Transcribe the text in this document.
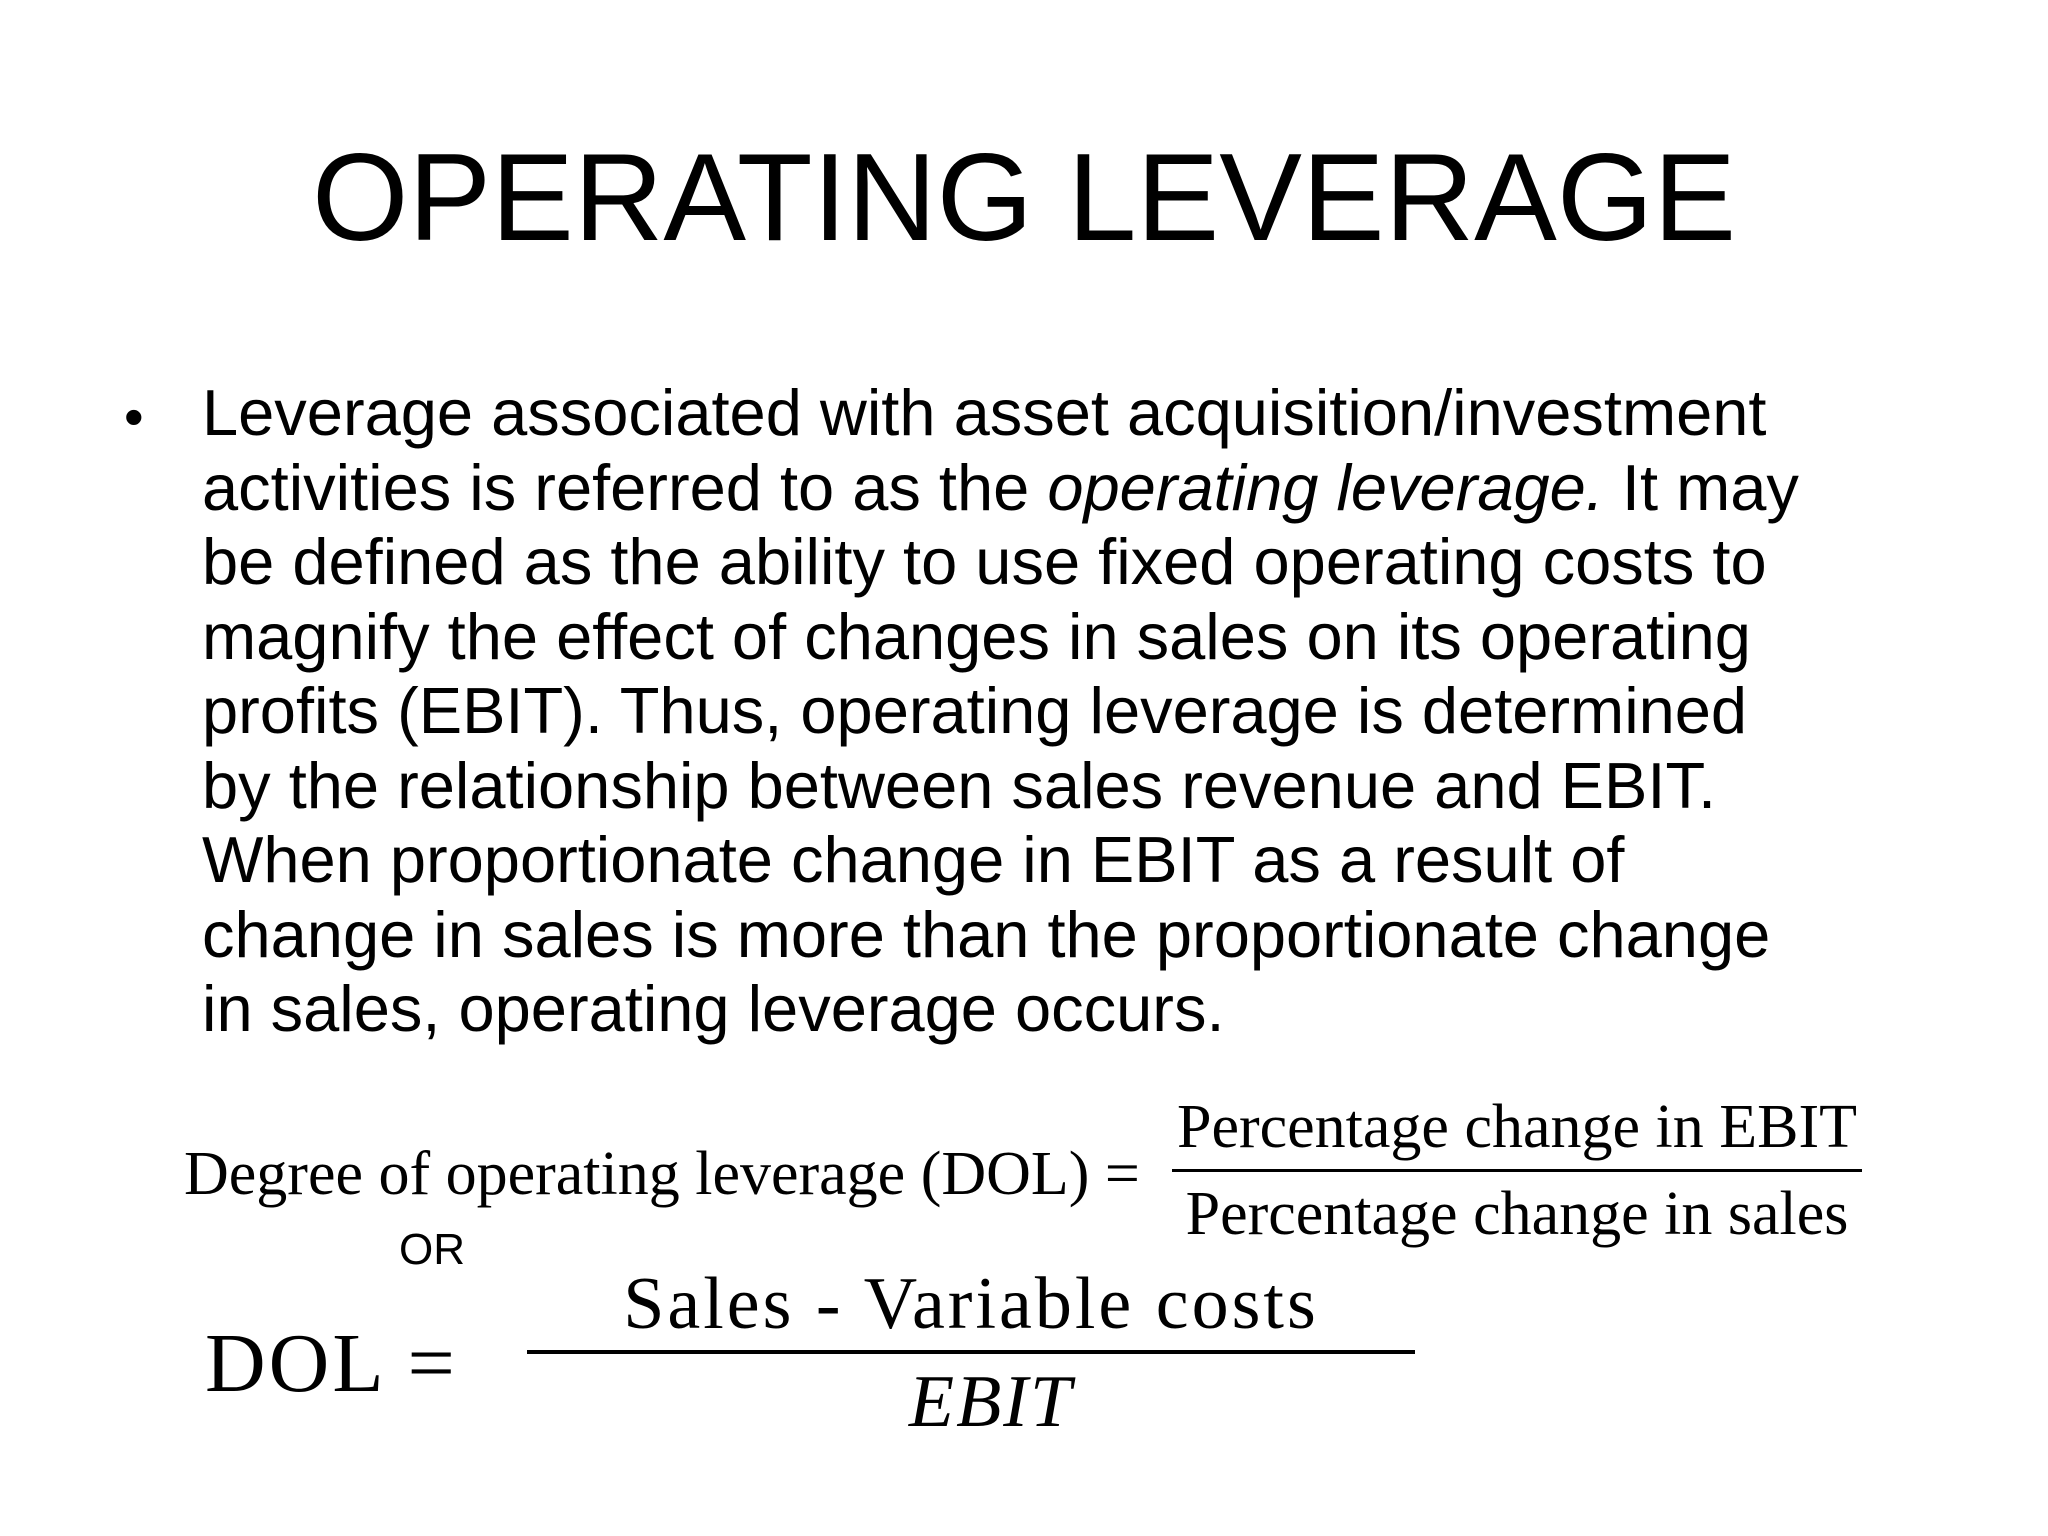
OPERATING LEVERAGE
• Leverage associated with asset acquisition/investment
activities is referred to as the operating leverage. It may
be defined as the ability to use fixed operating costs to
magnify the effect of changes in sales on its operating
profits (EBIT). Thus, operating leverage is determined
by the relationship between sales revenue and EBIT.
When proportionate change in EBIT as a result of
change in sales is more than the proportionate change
in sales, operating leverage occurs.
Degree of operating leverage (DOL) =
Percentage change in EBIT
Percentage change in sales
OR
DOL =
Sales - Variable costs
EBIT
